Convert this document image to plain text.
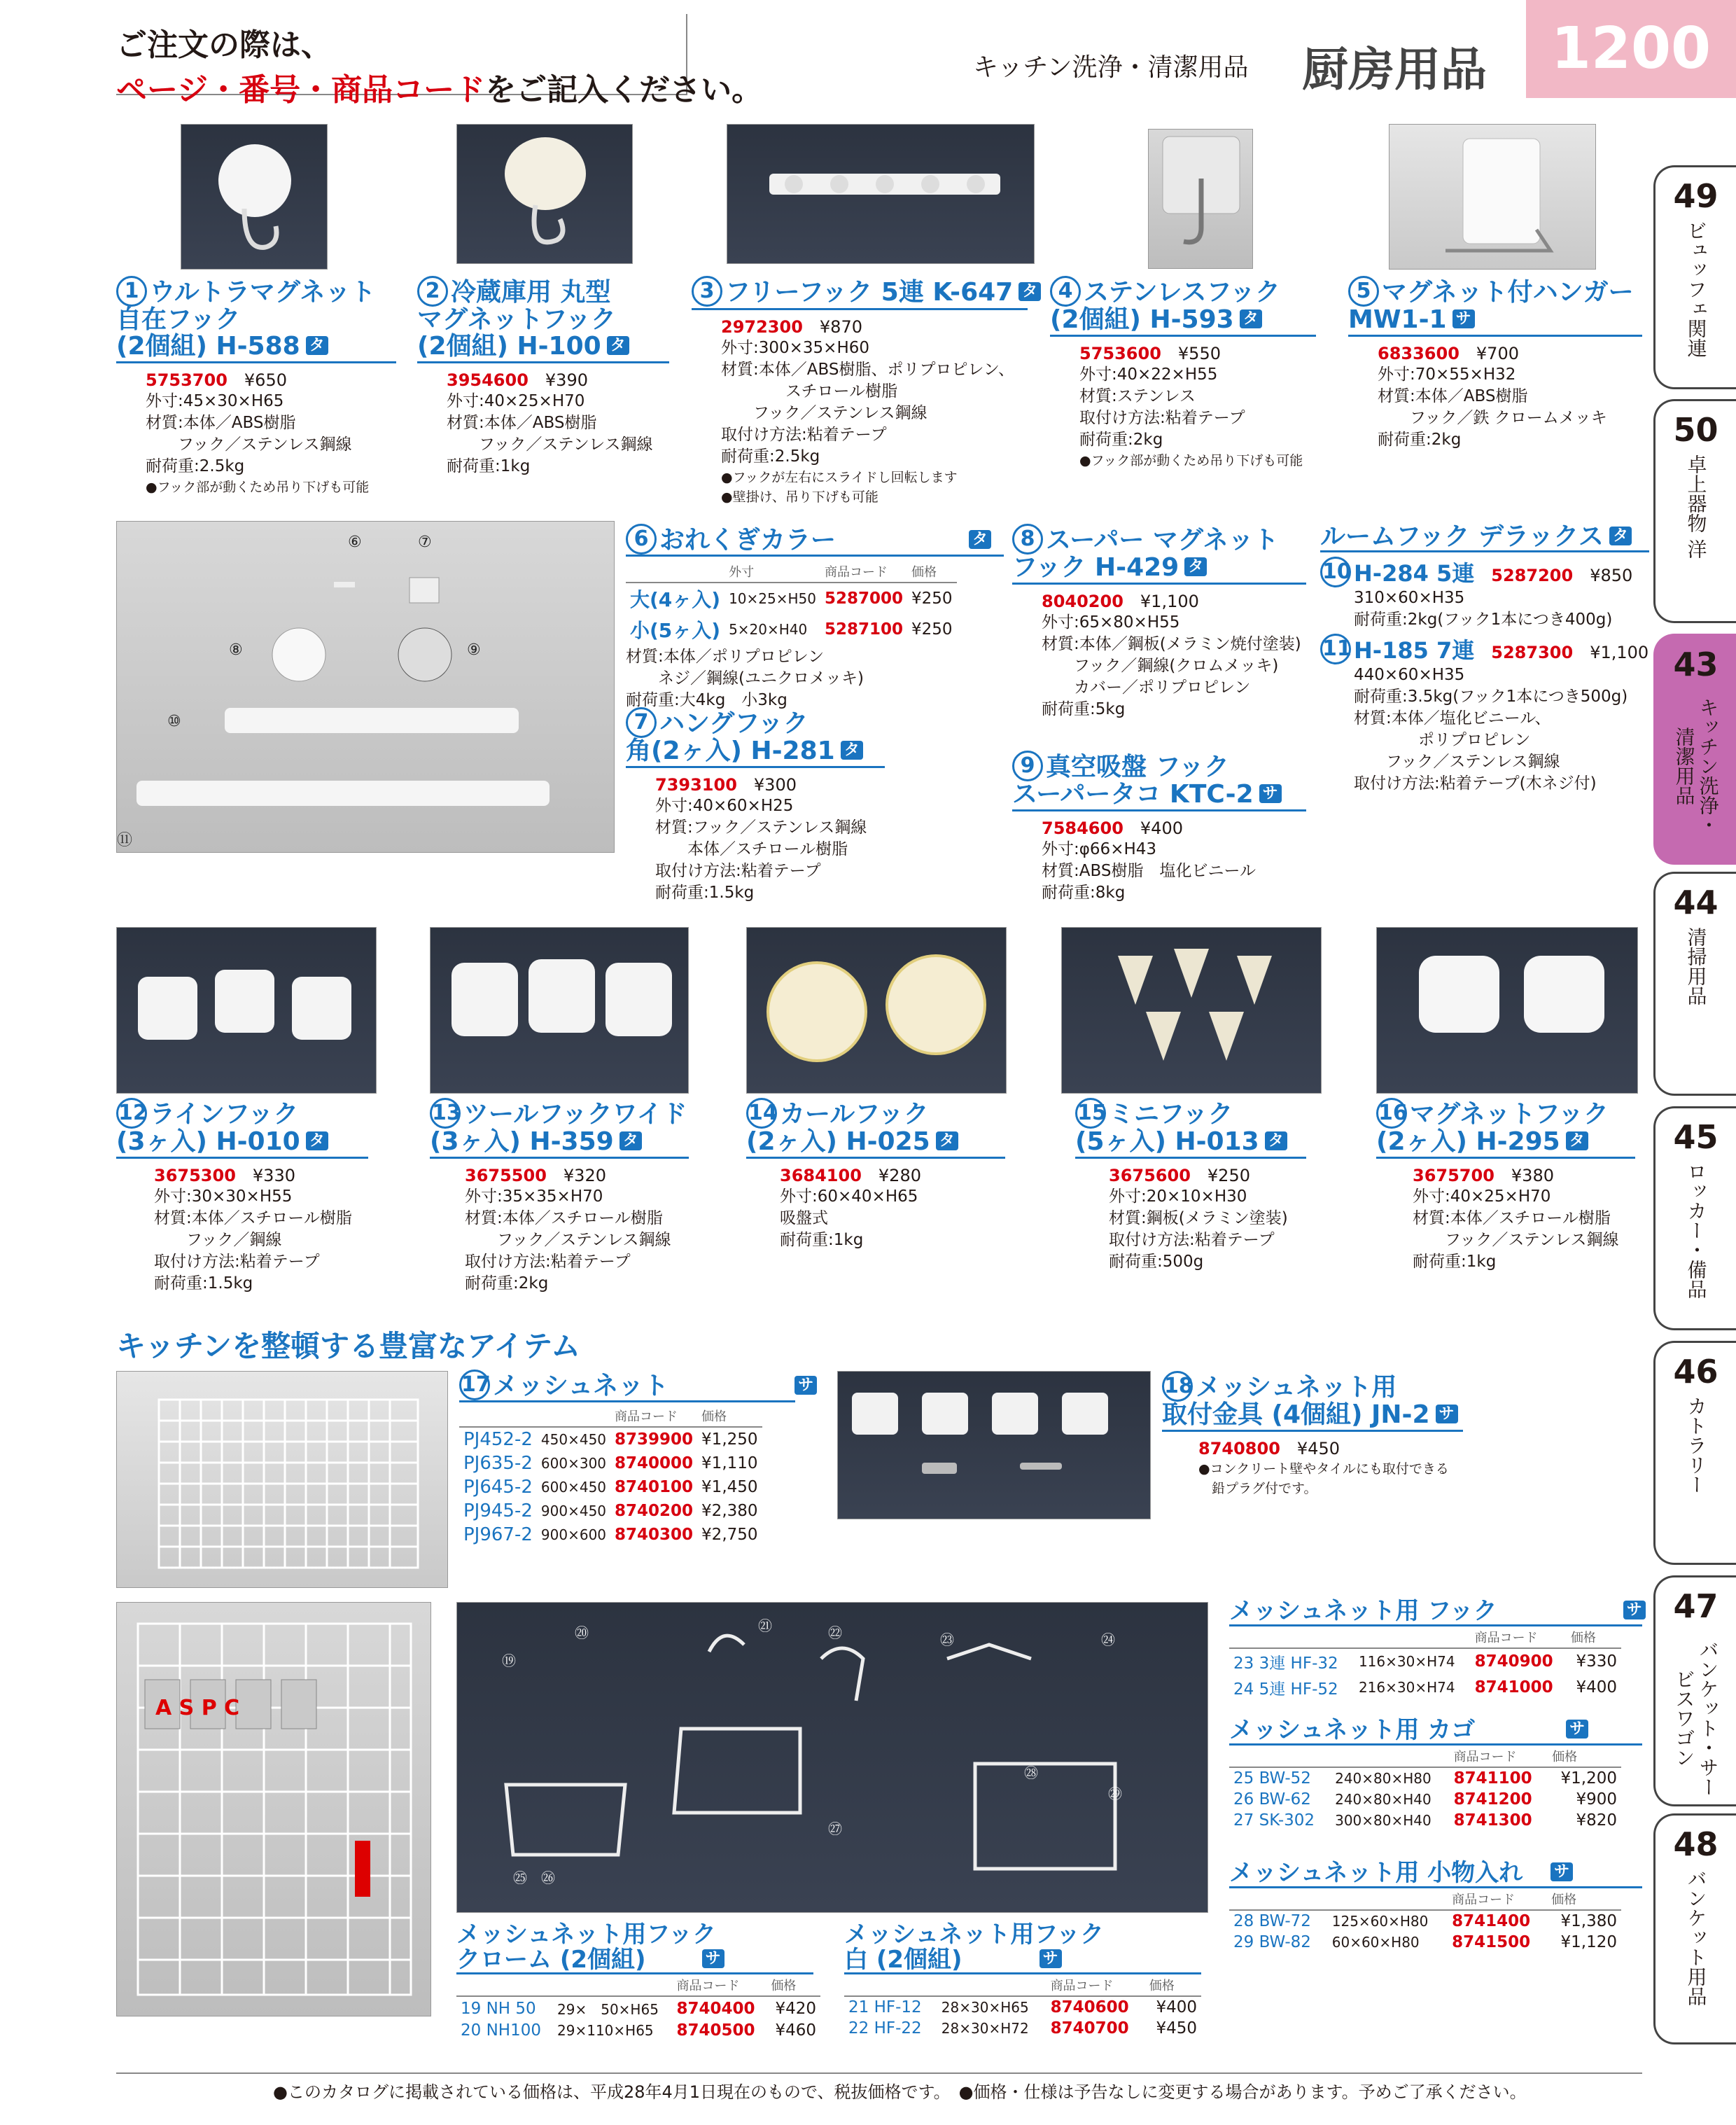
ご注文の際は、
ページ・番号・商品コードをご記入ください。
キッチン洗浄・清潔用品 厨房用品	1200
49
ビュッフェ関連
50
卓上器物 洋
43
キッチン洗浄・清潔用品
44
清掃用品
45
ロッカー・備品
46
カトラリー
47
バンケット・サービスワゴン
48
バンケット用品
1 ウルトラマグネット
自在フック
(2個組) H-588 タ
5753700　 ¥650
外寸:45×30×H65
材質:本体／ABS樹脂
　　フック／ステンレス鋼線
耐荷重:2.5kg
●フック部が動くため吊り下げも可能
2 冷蔵庫用 丸型
マグネットフック
(2個組) H-100 タ
3954600　 ¥390
外寸:40×25×H70
材質:本体／ABS樹脂
　　フック／ステンレス鋼線
耐荷重:1kg
3 フリーフック 5連 K-647 タ
2972300　 ¥870
外寸:300×35×H60
材質:本体／ABS樹脂、ポリプロピレン、
　　　　スチロール樹脂
　　フック／ステンレス鋼線
取付け方法:粘着テープ
耐荷重:2.5kg
●フックが左右にスライドし回転します
●壁掛け、吊り下げも可能
4 ステンレスフック
(2個組) H-593 タ
5753600　 ¥550
外寸:40×22×H55
材質:ステンレス
取付け方法:粘着テープ
耐荷重:2kg
●フック部が動くため吊り下げも可能
5 マグネット付ハンガー
MW1-1 サ
6833600　 ¥700
外寸:70×55×H32
材質:本体／ABS樹脂
　　フック／鉄 クロームメッキ
耐荷重:2kg
⑥	⑦
⑧	⑨
⑩
⑪
6 おれくぎカラー	タ
	外寸	商品コード	価格
大(4ヶ入)	10×25×H50	5287000	¥250
小(5ヶ入)	5×20×H40	5287100	¥250
材質:本体／ポリプロピレン
　　ネジ／鋼線(ユニクロメッキ)
耐荷重:大4kg　小3kg
7 ハングフック
角(2ヶ入) H-281 タ
7393100　 ¥300
外寸:40×60×H25
材質:フック／ステンレス鋼線
　　本体／スチロール樹脂
取付け方法:粘着テープ
耐荷重:1.5kg
8 スーパー マグネット
フック H-429 タ
8040200　 ¥1,100
外寸:65×80×H55
材質:本体／鋼板(メラミン焼付塗装)
　　フック／鋼線(クロムメッキ)
　　カバー／ポリプロピレン
耐荷重:5kg
9 真空吸盤 フック
スーパータコ KTC-2 サ
7584600　 ¥400
外寸:φ66×H43
材質:ABS樹脂　塩化ビニール
耐荷重:8kg
ルームフック デラックス タ
10 H-284 5連　 5287200　 ¥850
310×60×H35
耐荷重:2kg(フック1本につき400g)
11 H-185 7連　 5287300　 ¥1,100
440×60×H35
耐荷重:3.5kg(フック1本につき500g)
材質:本体／塩化ビニール、
　　　　ポリプロピレン
　　フック／ステンレス鋼線
取付け方法:粘着テープ(木ネジ付)
12ラインフック
(3ヶ入) H-010 タ
3675300　 ¥330
外寸:30×30×H55
材質:本体／スチロール樹脂
　　フック／鋼線
取付け方法:粘着テープ
耐荷重:1.5kg
13ツールフックワイド
(3ヶ入) H-359 タ
3675500　 ¥320
外寸:35×35×H70
材質:本体／スチロール樹脂
　　フック／ステンレス鋼線
取付け方法:粘着テープ
耐荷重:2kg
14カールフック
(2ヶ入) H-025 タ
3684100　 ¥280
外寸:60×40×H65
吸盤式
耐荷重:1kg
15ミニフック
(5ヶ入) H-013 タ
3675600　 ¥250
外寸:20×10×H30
材質:鋼板(メラミン塗装)
取付け方法:粘着テープ
耐荷重:500g
16マグネットフック
(2ヶ入) H-295 タ
3675700　 ¥380
外寸:40×25×H70
材質:本体／スチロール樹脂
　　フック／ステンレス鋼線
耐荷重:1kg
キッチンを整頓する豊富なアイテム
17メッシュネット	サ
		商品コード	価格
PJ452-2	450×450	8739900	¥1,250
PJ635-2	600×300	8740000	¥1,110
PJ645-2	600×450	8740100	¥1,450
PJ945-2	900×450	8740200	¥2,380
PJ967-2	900×600	8740300	¥2,750
18メッシュネット用
取付金具 (4個組) JN-2 サ
8740800　 ¥450
●コンクリート壁やタイルにも取付できる
　鉛プラグ付です。
A S P C
⑲
⑳	㉑	㉒	㉓	㉔
㉕ ㉖
㉗
㉘
㉙
メッシュネット用 フック	サ
		商品コード	価格
23 3連 HF-32	116×30×H74	8740900	¥330
24 5連 HF-52	216×30×H74	8741000	¥400
メッシュネット用 カゴ	サ
		商品コード	価格
25 BW-52	240×80×H80	8741100	¥1,200
26 BW-62	240×80×H40	8741200	¥900
27 SK-302	300×80×H40	8741300	¥820
メッシュネット用 小物入れ サ
		商品コード	価格
28 BW-72	125×60×H80	8741400	¥1,380
29 BW-82	60×60×H80	8741500	¥1,120
メッシュネット用フック
クローム (2個組)	サ
		商品コード	価格
19 NH 50	29×　50×H65	8740400	¥420
20 NH100	29×110×H65	8740500	¥460
メッシュネット用フック
白 (2個組)	サ
		商品コード	価格
21 HF-12	28×30×H65	8740600	¥400
22 HF-22	28×30×H72	8740700	¥450
●このカタログに掲載されている価格は、平成28年4月1日現在のもので、税抜価格です。　●価格・仕様は予告なしに変更する場合があります。予めご了承ください。
